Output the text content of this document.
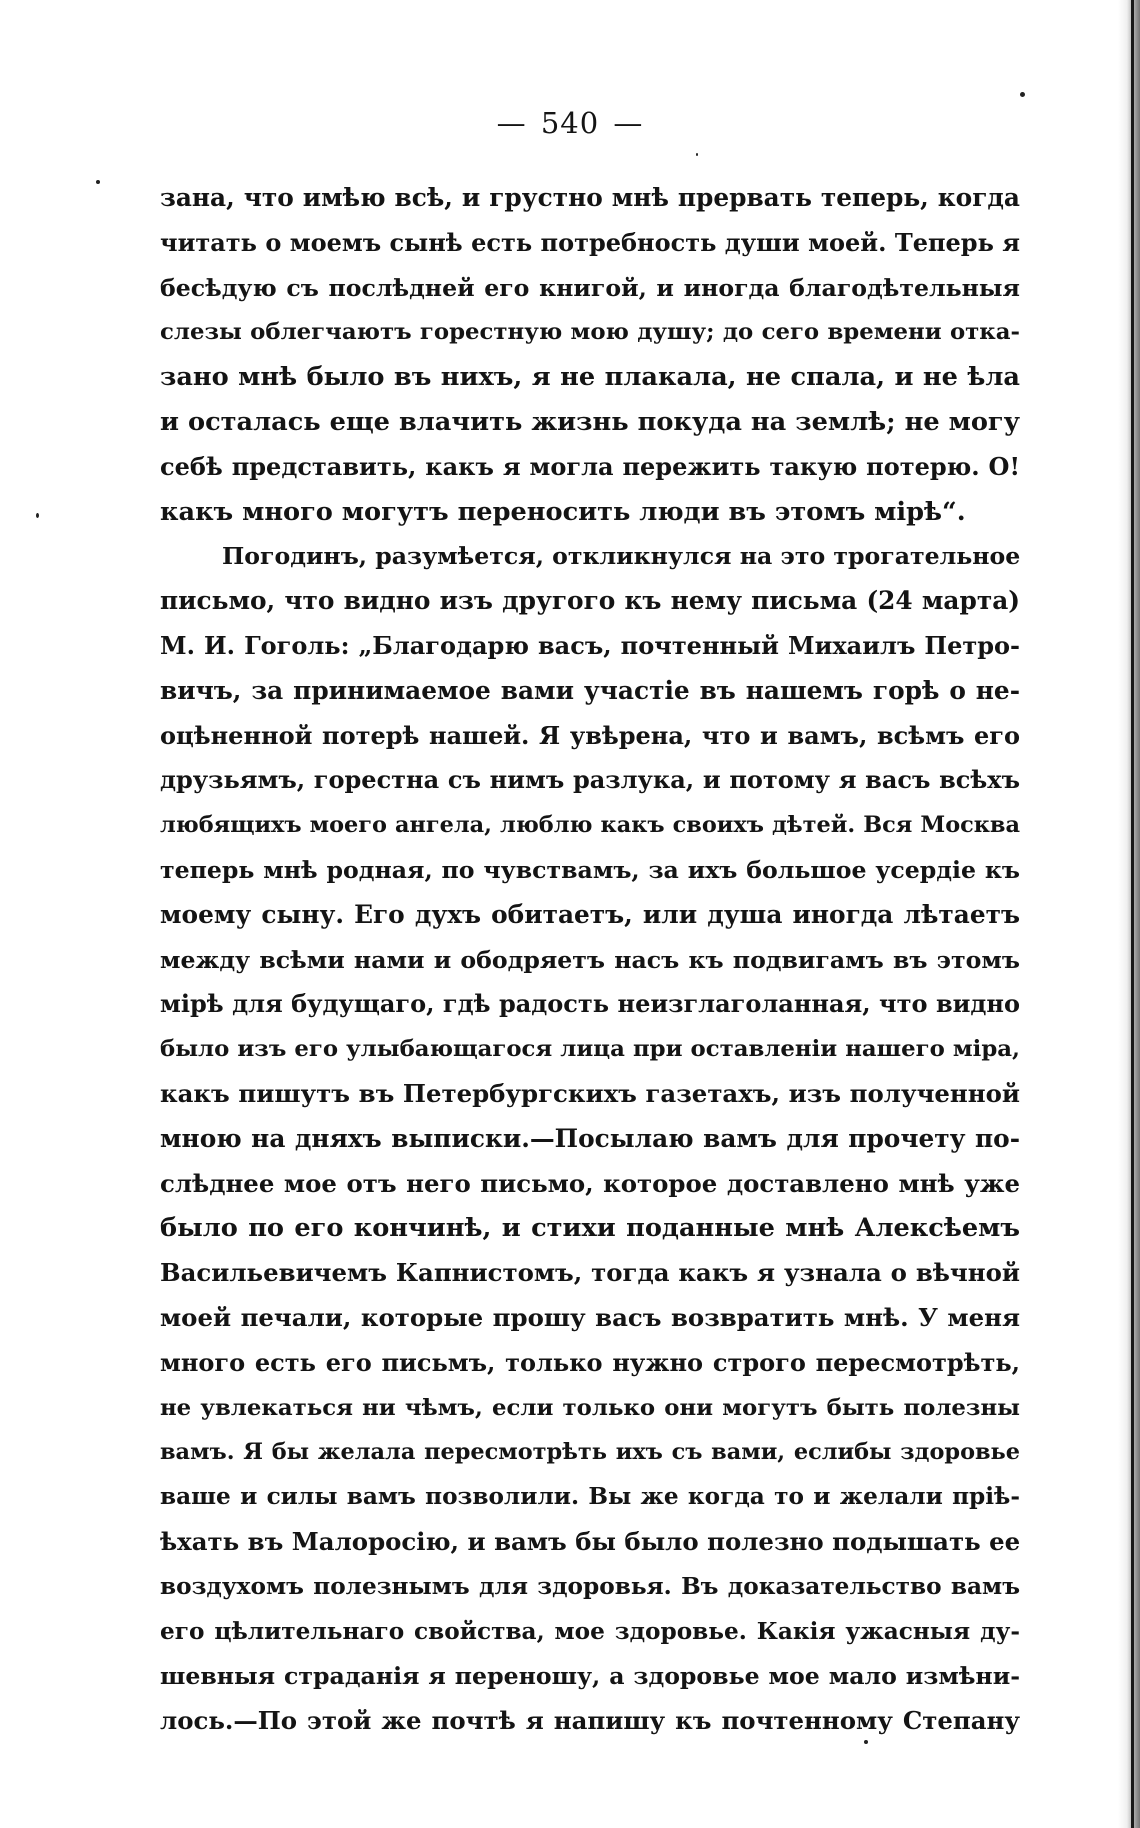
— 540 —
зана, что имѣю всѣ, и грустно мнѣ прервать теперь, когда
читать о моемъ сынѣ есть потребность души моей. Теперь я
бесѣдую съ послѣдней его книгой, и иногда благодѣтельныя
слезы облегчаютъ горестную мою душу; до сего времени отка-
зано мнѣ было въ нихъ, я не плакала, не спала, и не ѣла
и осталась еще влачить жизнь покуда на землѣ; не могу
себѣ представить, какъ я могла пережить такую потерю. О!
какъ много могутъ переносить люди въ этомъ мірѣ“.
Погодинъ, разумѣется, откликнулся на это трогательное
письмо, что видно изъ другого къ нему письма (24 марта)
М. И. Гоголь: „Благодарю васъ, почтенный Михаилъ Петро-
вичъ, за принимаемое вами участіе въ нашемъ горѣ о не-
оцѣненной потерѣ нашей. Я увѣрена, что и вамъ, всѣмъ его
друзьямъ, горестна съ нимъ разлука, и потому я васъ всѣхъ
любящихъ моего ангела, люблю какъ своихъ дѣтей. Вся Москва
теперь мнѣ родная, по чувствамъ, за ихъ большое усердіе къ
моему сыну. Его духъ обитаетъ, или душа иногда лѣтаетъ
между всѣми нами и ободряетъ насъ къ подвигамъ въ этомъ
мірѣ для будущаго, гдѣ радость неизглаголанная, что видно
было изъ его улыбающагося лица при оставленіи нашего міра,
какъ пишутъ въ Петербургскихъ газетахъ, изъ полученной
мною на дняхъ выписки.—Посылаю вамъ для прочету по-
слѣднее мое отъ него письмо, которое доставлено мнѣ уже
было по его кончинѣ, и стихи поданные мнѣ Алексѣемъ
Васильевичемъ Капнистомъ, тогда какъ я узнала о вѣчной
моей печали, которые прошу васъ возвратить мнѣ. У меня
много есть его письмъ, только нужно строго пересмотрѣть,
не увлекаться ни чѣмъ, если только они могутъ быть полезны
вамъ. Я бы желала пересмотрѣть ихъ съ вами, еслибы здоровье
ваше и силы вамъ позволили. Вы же когда то и желали пріѣ-
ѣхать въ Малоросію, и вамъ бы было полезно подышать ее
воздухомъ полезнымъ для здоровья. Въ доказательство вамъ
его цѣлительнаго свойства, мое здоровье. Какія ужасныя ду-
шевныя страданія я переношу, а здоровье мое мало измѣни-
лось.—По этой же почтѣ я напишу къ почтенному Степану
